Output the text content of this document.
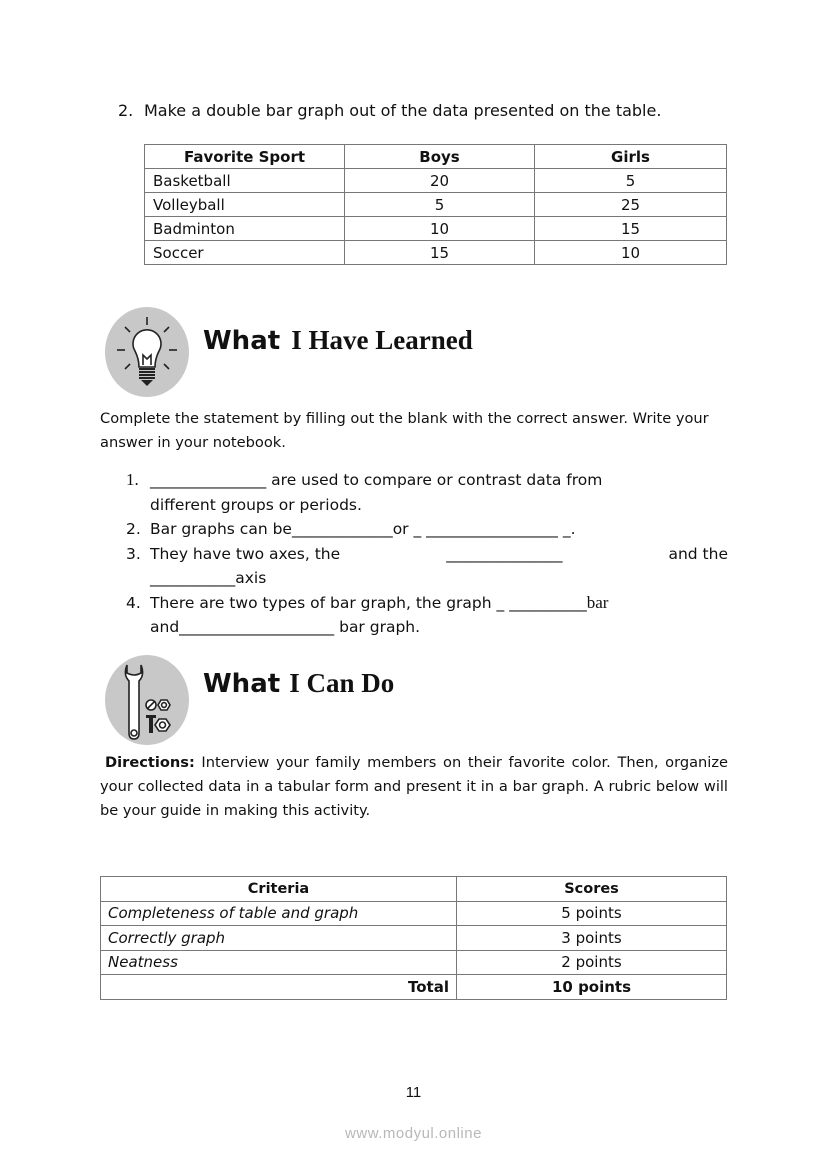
2. Make a double bar graph out of the data presented on the table.
Favorite Sport	Boys	Girls
Basketball	20	5
Volleyball	5	25
Badminton	10	15
Soccer	15	10
What I Have Learned
Complete the statement by filling out the blank with the correct answer. Write your answer in your notebook.
1. _______________ are used to compare or contrast data from
different groups or periods.
2. Bar graphs can be_____________or _ _________________ _.
3. They have two axes, the	_______________	and the
___________axis
4. There are two types of bar graph, the graph _ __________bar
and____________________ bar graph.
What I Can Do
Directions: Interview your family members on their favorite color. Then, organize your collected data in a tabular form and present it in a bar graph. A rubric below will be your guide in making this activity.
Criteria	Scores
Completeness of table and graph	5 points
Correctly graph	3 points
Neatness	2 points
Total	10 points
11
www.modyul.online
